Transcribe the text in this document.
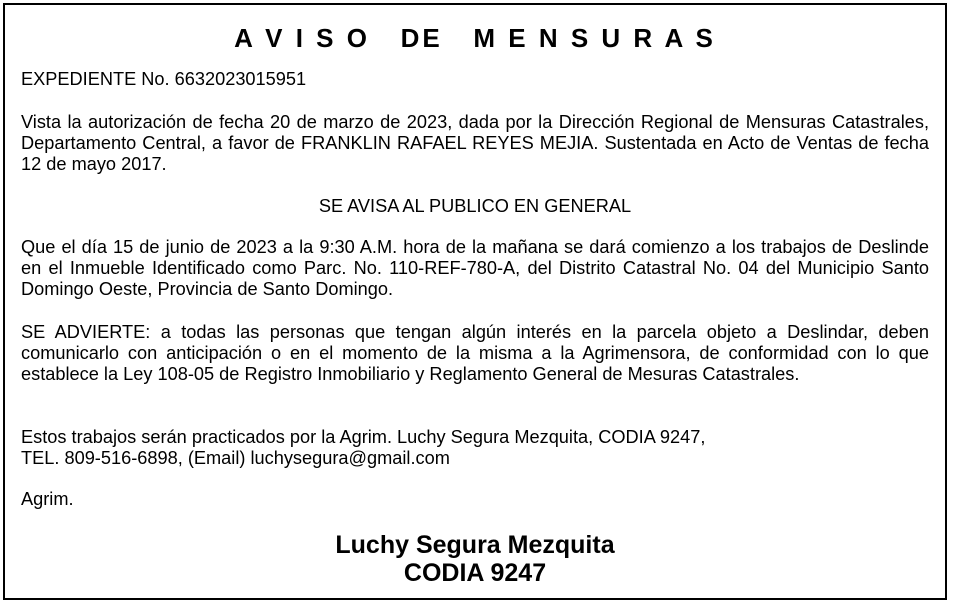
A V I S O   DE   M E N S U R A S

EXPEDIENTE No. 6632023015951

Vista la autorización de fecha 20 de marzo de 2023, dada por la Dirección Regional de Mensuras Catastrales, Departamento Central, a favor de FRANKLIN RAFAEL REYES MEJIA. Sustentada en Acto de Ventas de fecha 12 de mayo 2017.

SE AVISA AL PUBLICO EN GENERAL

Que el día 15 de junio de 2023 a la 9:30 A.M. hora de la mañana se dará comienzo a los trabajos de Deslinde en el Inmueble Identificado como Parc. No. 110-REF-780-A, del Distrito Catastral No. 04 del Municipio Santo Domingo Oeste, Provincia de Santo Domingo.

SE ADVIERTE: a todas las personas que tengan algún interés en la parcela objeto a Deslindar, deben comunicarlo con anticipación o en el momento de la misma a la Agrimensora, de conformidad con lo que establece la Ley 108-05 de Registro Inmobiliario y Reglamento General de Mesuras Catastrales.

Estos trabajos serán practicados por la Agrim. Luchy Segura Mezquita, CODIA 9247,

TEL. 809-516-6898, (Email) luchysegura@gmail.com

Agrim.

Luchy Segura Mezquita
CODIA 9247
